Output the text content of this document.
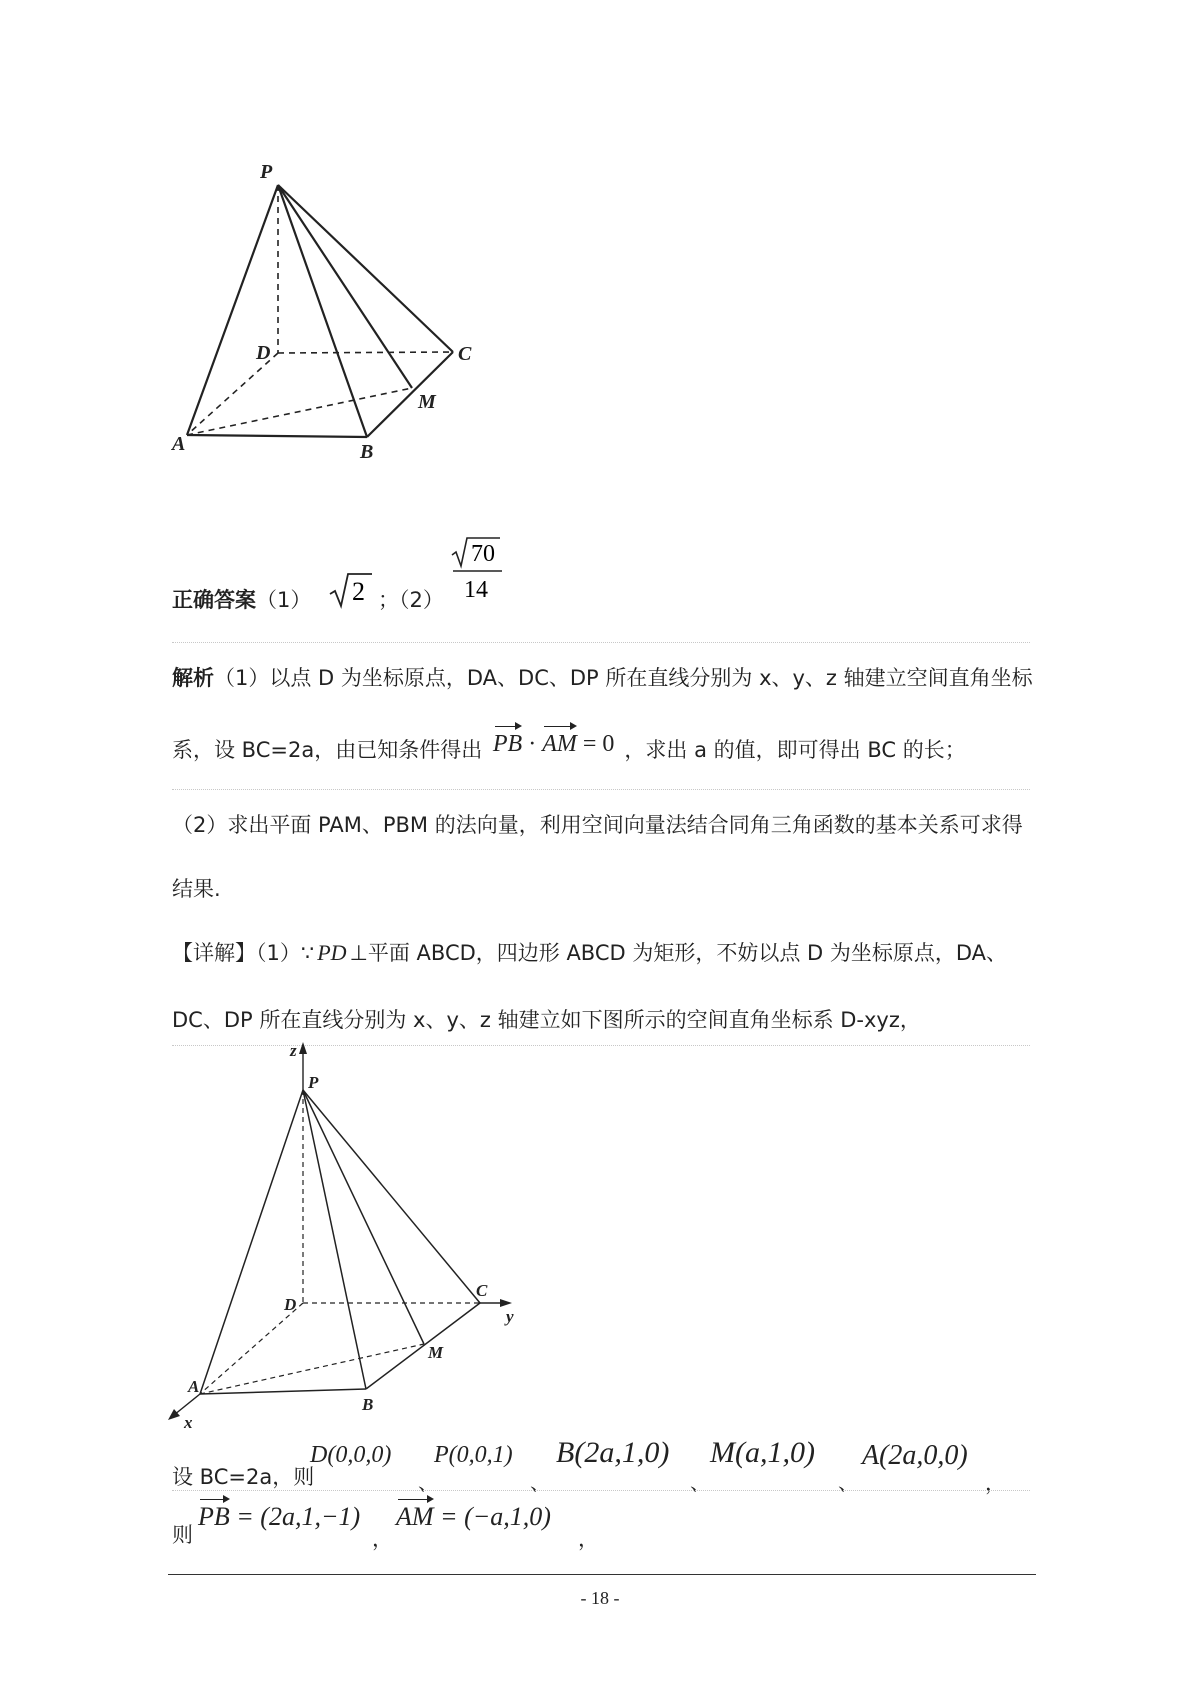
P
D	C
M
A	B
正确答案（1） 2 ；（2）
70
14
解析（1）以点 D 为坐标原点，DA、DC、DP 所在直线分别为 x、y、z 轴建立空间直角坐标
系，设 BC=2a，由已知条件得出 PB · AM = 0 ，求出 a 的值，即可得出 BC 的长；
（2）求出平面 PAM、PBM 的法向量，利用空间向量法结合同角三角函数的基本关系可求得
结果.
【详解】（1）∵ PD ⊥平面 ABCD，四边形 ABCD 为矩形，不妨以点 D 为坐标原点，DA、
DC、DP 所在直线分别为 x、y、z 轴建立如下图所示的空间直角坐标系 D-xyz，
z
P
D
C
y
M
A
B
x
设 BC=2a，则
D(0,0,0)
、
P(0,0,1)
、
B(2a,1,0)
、
M(a,1,0)
、
A(2a,0,0)
，
则
PB = (2a,1,−1)
，
AM = (−a,1,0)
，
- 18 -
